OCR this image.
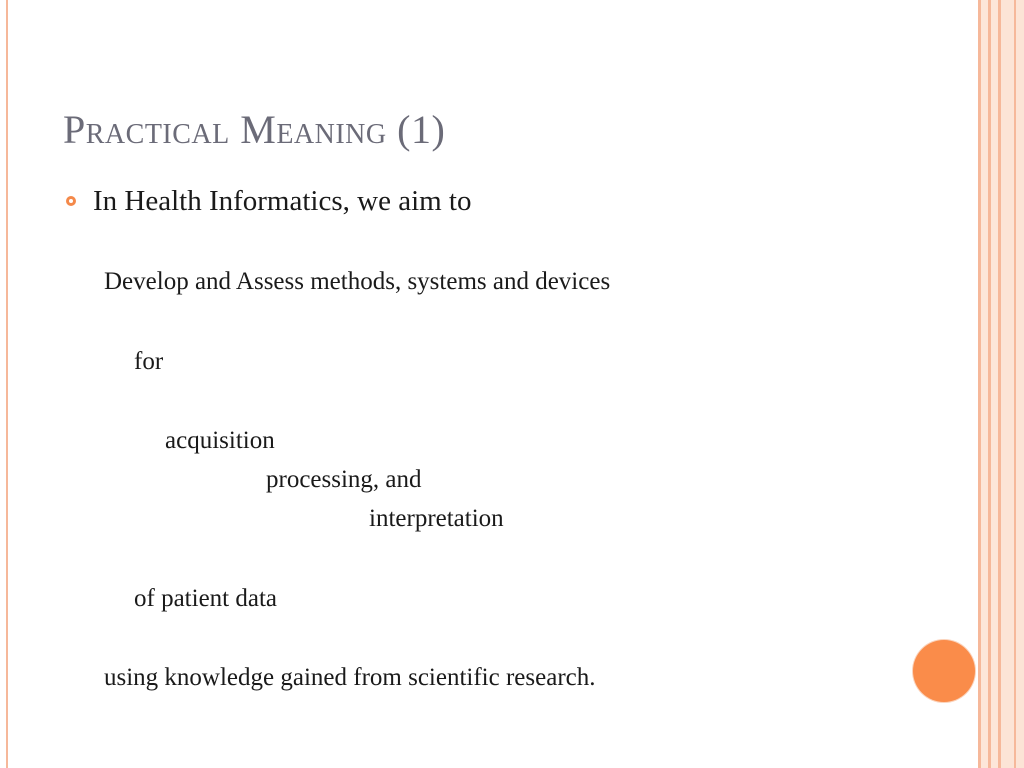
Practical Meaning (1)
In Health Informatics, we aim to
Develop and Assess methods, systems and devices
for
acquisition
processing, and
interpretation
of patient data
using knowledge gained from scientific research.
